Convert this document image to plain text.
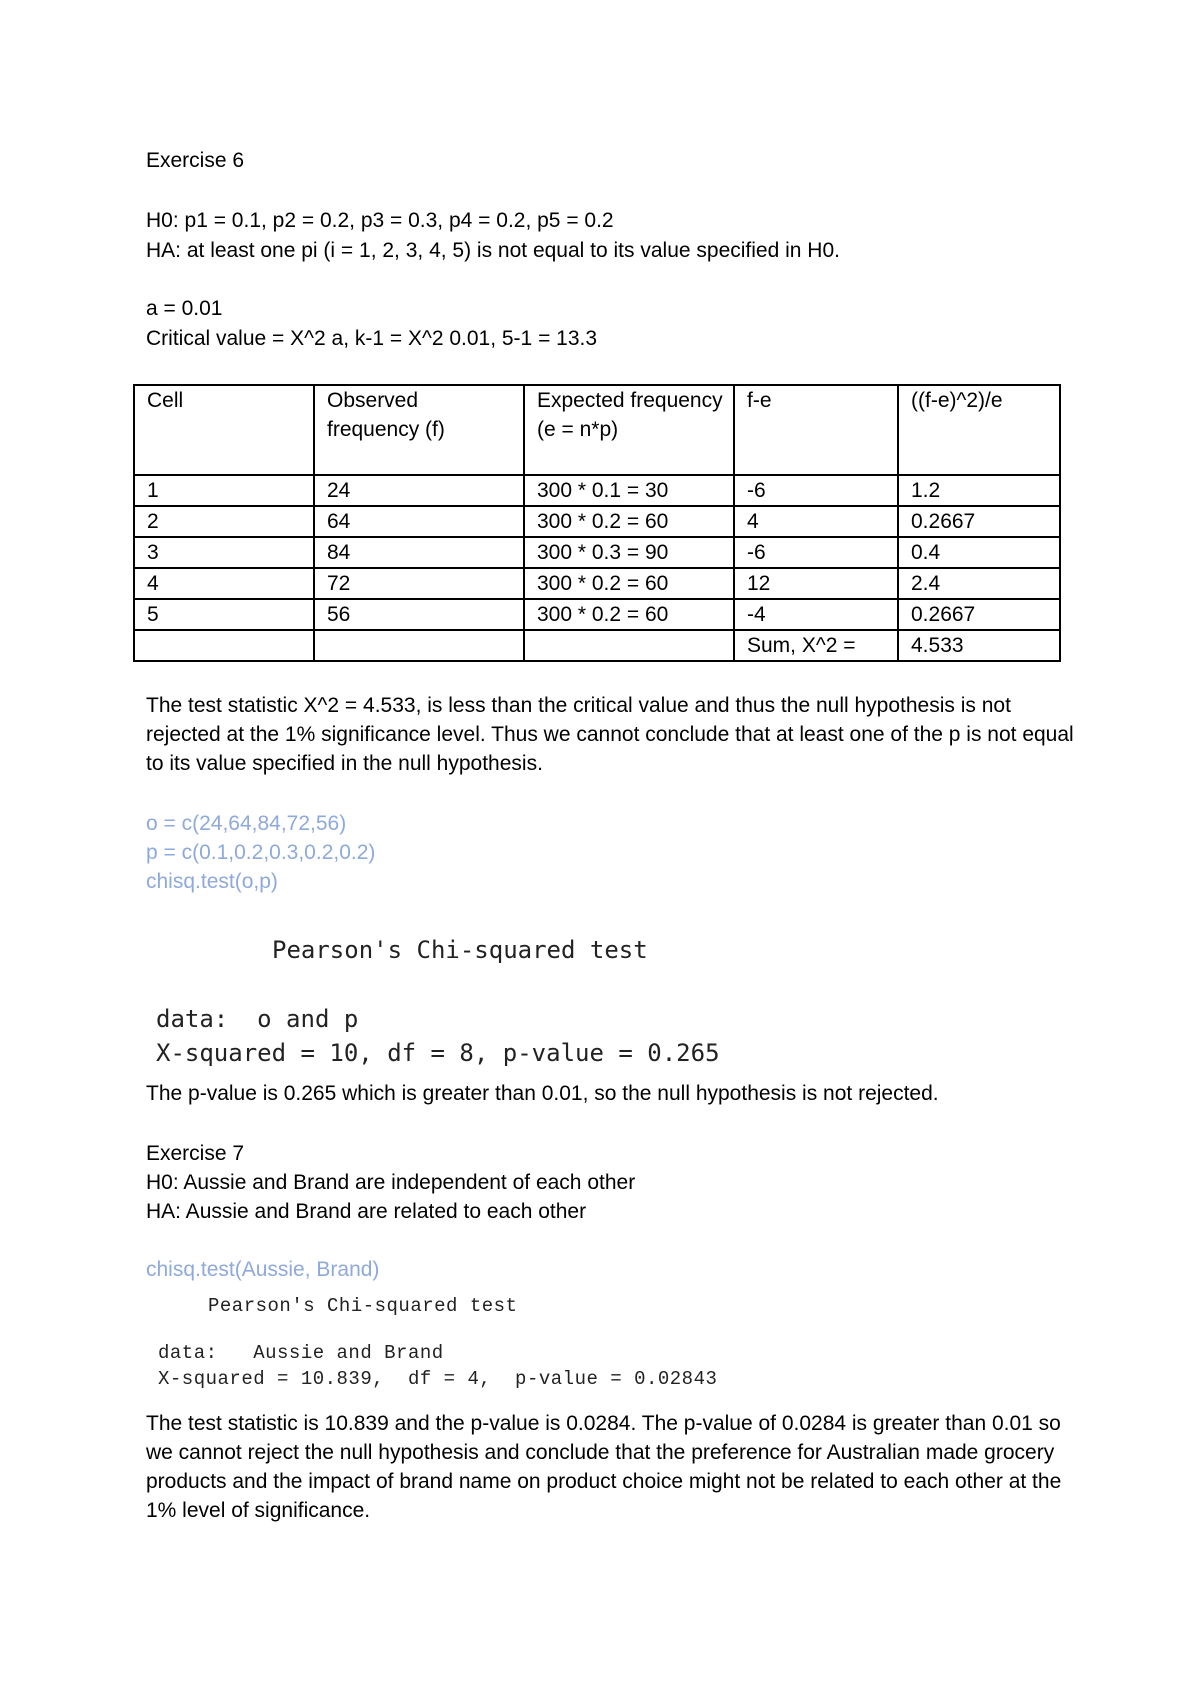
Exercise 6
H0: p1 = 0.1, p2 = 0.2, p3 = 0.3, p4 = 0.2, p5 = 0.2
HA: at least one pi (i = 1, 2, 3, 4, 5) is not equal to its value specified in H0.
a = 0.01
Critical value = X^2 a, k-1 = X^2 0.01, 5-1 = 13.3
Cell	Observed frequency (f)	Expected frequency (e = n*p)	f-e	((f-e)^2)/e
1	24	300 * 0.1 = 30	-6	1.2
2	64	300 * 0.2 = 60	4	0.2667
3	84	300 * 0.3 = 90	-6	0.4
4	72	300 * 0.2 = 60	12	2.4
5	56	300 * 0.2 = 60	-4	0.2667
			Sum, X^2 =	4.533
The test statistic X^2 = 4.533, is less than the critical value and thus the null hypothesis is not rejected at the 1% significance level. Thus we cannot conclude that at least one of the p is not equal to its value specified in the null hypothesis.
o = c(24,64,84,72,56)
p = c(0.1,0.2,0.3,0.2,0.2)
chisq.test(o,p)
Pearson's Chi-squared test
data:  o and p
X-squared = 10, df = 8, p-value = 0.265
The p-value is 0.265 which is greater than 0.01, so the null hypothesis is not rejected.
Exercise 7
H0: Aussie and Brand are independent of each other
HA: Aussie and Brand are related to each other
chisq.test(Aussie, Brand)
Pearson's Chi-squared test
data:   Aussie and Brand
X-squared = 10.839,  df = 4,  p-value = 0.02843
The test statistic is 10.839 and the p-value is 0.0284. The p-value of 0.0284 is greater than 0.01 so we cannot reject the null hypothesis and conclude that the preference for Australian made grocery products and the impact of brand name on product choice might not be related to each other at the 1% level of significance.
